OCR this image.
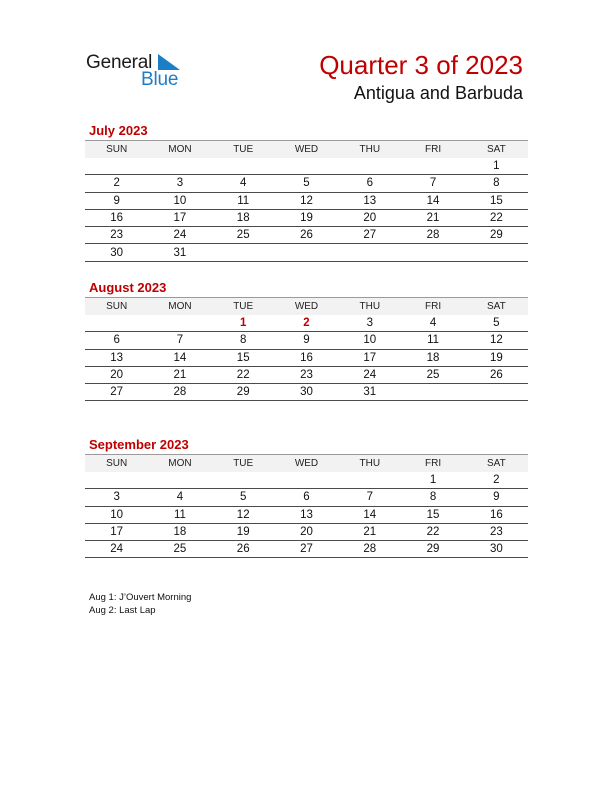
General
Blue	Quarter 3 of 2023
Antigua and Barbuda
July 2023
SUN	MON	TUE	WED	THU	FRI	SAT
						1
2	3	4	5	6	7	8
9	10	11	12	13	14	15
16	17	18	19	20	21	22
23	24	25	26	27	28	29
30	31					
August 2023
SUN	MON	TUE	WED	THU	FRI	SAT
		1	2	3	4	5
6	7	8	9	10	11	12
13	14	15	16	17	18	19
20	21	22	23	24	25	26
27	28	29	30	31		
September 2023
SUN	MON	TUE	WED	THU	FRI	SAT
					1	2
3	4	5	6	7	8	9
10	11	12	13	14	15	16
17	18	19	20	21	22	23
24	25	26	27	28	29	30
Aug 1: J’Ouvert Morning
Aug 2: Last Lap
